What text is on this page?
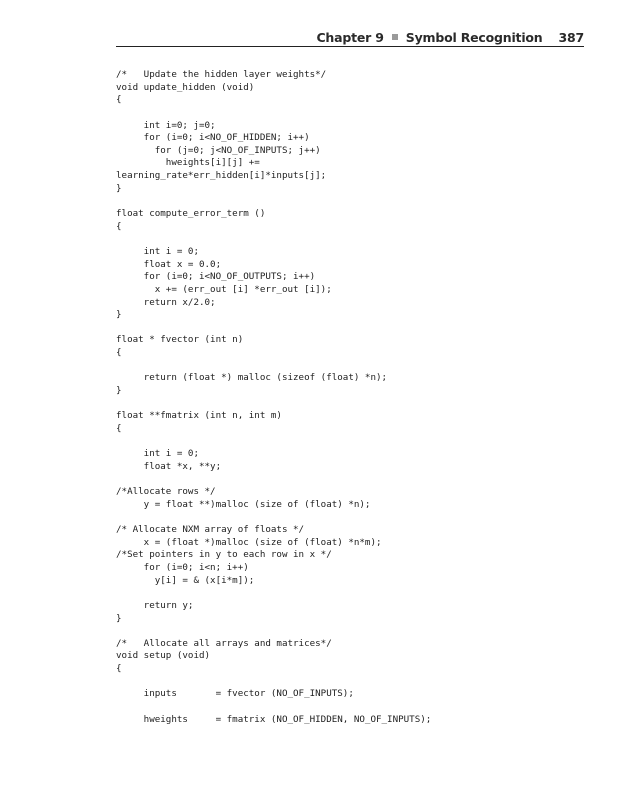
Chapter 9 Symbol Recognition 387
/*   Update the hidden layer weights*/
void update_hidden (void)
{
int i=0; j=0;
for (i=0; i<NO_OF_HIDDEN; i++)
for (j=0; j<NO_OF_INPUTS; j++)
hweights[i][j] +=
learning_rate*err_hidden[i]*inputs[j];
}
float compute_error_term ()
{
int i = 0;
float x = 0.0;
for (i=0; i<NO_OF_OUTPUTS; i++)
x += (err_out [i] *err_out [i]);
return x/2.0;
}
float * fvector (int n)
{
return (float *) malloc (sizeof (float) *n);
}
float **fmatrix (int n, int m)
{
int i = 0;
float *x, **y;
/*Allocate rows */
y = float **)malloc (size of (float) *n);
/* Allocate NXM array of floats */
x = (float *)malloc (size of (float) *n*m);
/*Set pointers in y to each row in x */
for (i=0; i<n; i++)
y[i] = & (x[i*m]);
return y;
}
/*   Allocate all arrays and matrices*/
void setup (void)
{
inputs       = fvector (NO_OF_INPUTS);
hweights     = fmatrix (NO_OF_HIDDEN, NO_OF_INPUTS);
